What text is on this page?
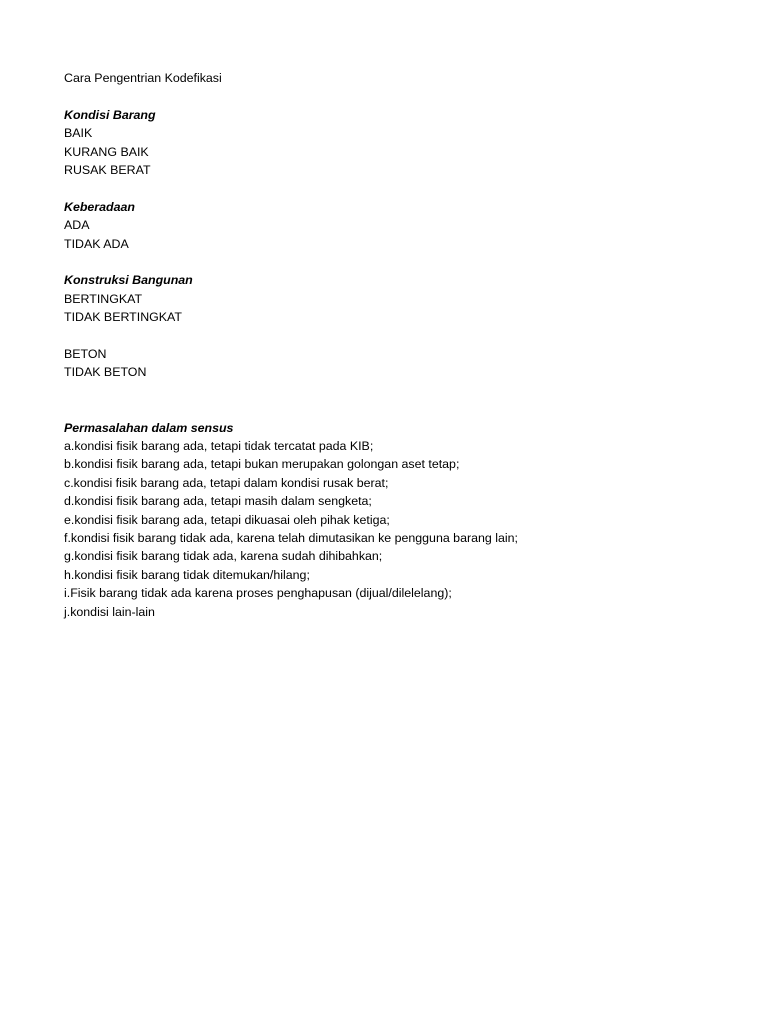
Cara Pengentrian Kodefikasi
Kondisi Barang
BAIK
KURANG BAIK
RUSAK BERAT
Keberadaan
ADA
TIDAK ADA
Konstruksi Bangunan
BERTINGKAT
TIDAK BERTINGKAT
BETON
TIDAK BETON
Permasalahan dalam sensus
a.kondisi fisik barang ada, tetapi tidak tercatat pada KIB;
b.kondisi fisik barang ada, tetapi bukan merupakan golongan aset tetap;
c.kondisi fisik barang ada, tetapi dalam kondisi rusak berat;
d.kondisi fisik barang ada, tetapi masih dalam sengketa;
e.kondisi fisik barang ada, tetapi dikuasai oleh pihak ketiga;
f.kondisi fisik barang tidak ada, karena telah dimutasikan ke pengguna barang lain;
g.kondisi fisik barang tidak ada, karena sudah dihibahkan;
h.kondisi fisik barang tidak ditemukan/hilang;
i.Fisik barang tidak ada karena proses penghapusan (dijual/dilelelang);
j.kondisi lain-lain
